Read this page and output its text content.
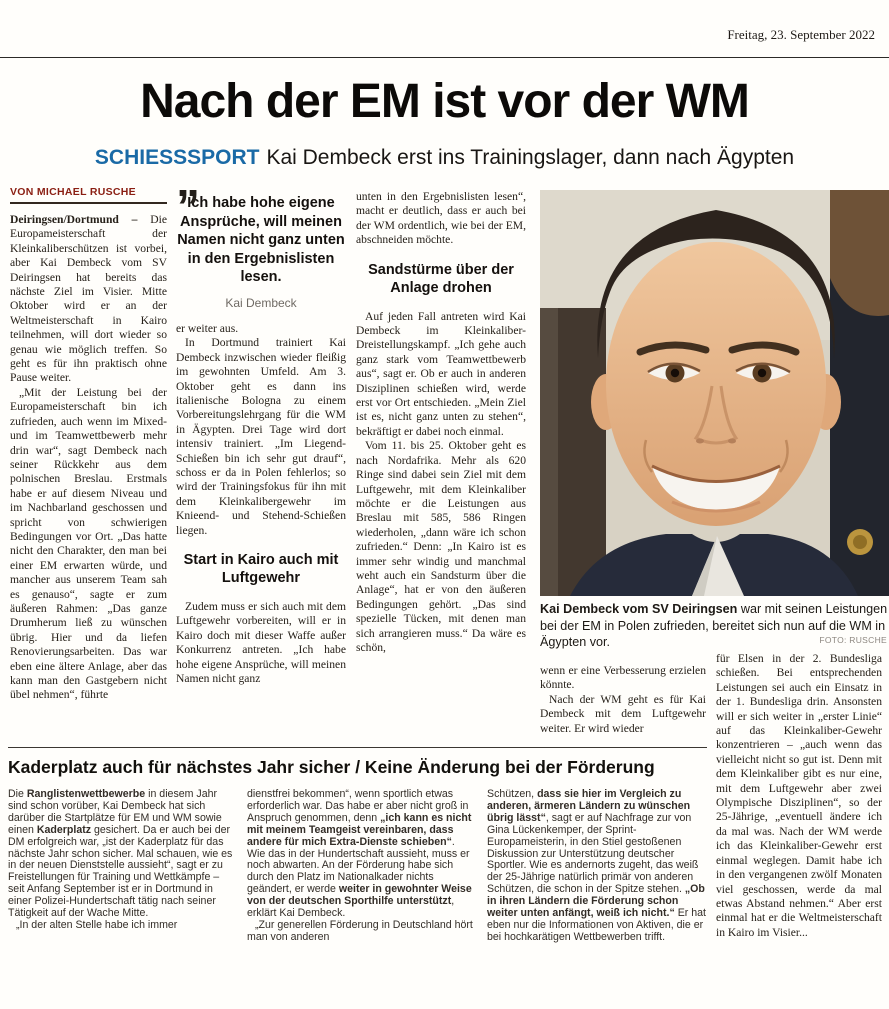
Freitag, 23. September 2022
Nach der EM ist vor der WM
SCHIESSSPORT Kai Dembeck erst ins Trainingslager, dann nach Ägypten
VON MICHAEL RUSCHE

Deiringsen/Dortmund – Die Europameisterschaft der Kleinkaliberschützen ist vorbei, aber Kai Dembeck vom SV Deiringsen hat bereits das nächste Ziel im Visier. Mitte Oktober wird er an der Weltmeisterschaft in Kairo teilnehmen, will dort wieder so genau wie möglich treffen. So geht es für ihn praktisch ohne Pause weiter.

„Mit der Leistung bei der Europameisterschaft bin ich zufrieden, auch wenn im Mixed- und im Teamwettbewerb mehr drin war“, sagt Dembeck nach seiner Rückkehr aus dem polnischen Breslau. Erstmals habe er auf diesem Niveau und im Nachbarland geschossen und spricht von schwierigen Bedingungen vor Ort. „Das hatte nicht den Charakter, den man bei einer EM erwarten würde, und mancher aus unserem Team sah es genauso“, sagte er zum äußeren Rahmen: „Das ganze Drumherum ließ zu wünschen übrig. Hier und da liefen Renovierungsarbeiten. Das war eben eine ältere Anlage, aber das kann man den Gastgebern nicht übel nehmen“, führte

”
Ich habe hohe eigene Ansprüche, will meinen Namen nicht ganz unten in den Ergebnislisten lesen.
Kai Dembeck

er weiter aus.

In Dortmund trainiert Kai Dembeck inzwischen wieder fleißig im gewohnten Umfeld. Am 3. Oktober geht es dann ins italienische Bologna zu einem Vorbereitungslehrgang für die WM in Ägypten. Drei Tage wird dort intensiv trainiert. „Im Liegend-Schießen bin ich sehr gut drauf“, schoss er da in Polen fehlerlos; so wird der Trainingsfokus für ihn mit dem Kleinkalibergewehr im Knieend- und Stehend-Schießen liegen.

Start in Kairo auch mit Luftgewehr

Zudem muss er sich auch mit dem Luftgewehr vorbereiten, will er in Kairo doch mit dieser Waffe außer Konkurrenz antreten. „Ich habe hohe eigene Ansprüche, will meinen Namen nicht ganz

unten in den Ergebnislisten lesen“, macht er deutlich, dass er auch bei der WM ordentlich, wie bei der EM, abschneiden möchte.

Sandstürme über der Anlage drohen

Auf jeden Fall antreten wird Kai Dembeck im Kleinkaliber-Dreistellungskampf. „Ich gehe auch ganz stark vom Teamwettbewerb aus“, sagt er. Ob er auch in anderen Disziplinen schießen wird, werde erst vor Ort entschieden. „Mein Ziel ist es, nicht ganz unten zu stehen“, bekräftigt er dabei noch einmal.

Vom 11. bis 25. Oktober geht es nach Nordafrika. Mehr als 620 Ringe sind dabei sein Ziel mit dem Luftgewehr, mit dem Kleinkaliber möchte er die Leistungen aus Breslau mit 585, 586 Ringen wiederholen, „dann wäre ich schon zufrieden.“ Denn: „In Kairo ist es immer sehr windig und manchmal weht auch ein Sandsturm über die Anlage“, hat er von den äußeren Bedingungen gehört. „Das sind spezielle Tücken, mit denen man sich arrangieren muss.“ Da wäre es schön,

Kai Dembeck vom SV Deiringsen war mit seinen Leistungen bei der EM in Polen zufrieden, bereitet sich nun auf die WM in Ägypten vor.	FOTO: RUSCHE

wenn er eine Verbesserung erzielen könnte.

Nach der WM geht es für Kai Dembeck mit dem Luftgewehr weiter. Er wird wieder

für Elsen in der 2. Bundesliga schießen. Bei entsprechenden Leistungen sei auch ein Einsatz in der 1. Bundesliga drin. Ansonsten will er sich weiter in „erster Linie“ auf das Kleinkaliber-Gewehr konzentrieren – „auch wenn das vielleicht nicht so gut ist. Denn mit dem Kleinkaliber gibt es nur eine, mit dem Luftgewehr aber zwei Olympische Disziplinen“, so der 25-Jährige, „eventuell ändere ich da mal was. Nach der WM werde ich das Kleinkaliber-Gewehr erst einmal weglegen. Damit habe ich in den vergangenen zwölf Monaten viel geschossen, werde da mal etwas Abstand nehmen.“ Aber erst einmal hat er die Weltmeisterschaft in Kairo im Visier...

Kaderplatz auch für nächstes Jahr sicher / Keine Änderung bei der Förderung

Die Ranglistenwettbewerbe in diesem Jahr sind schon vorüber, Kai Dembeck hat sich darüber die Startplätze für EM und WM sowie einen Kaderplatz gesichert. Da er auch bei der DM erfolgreich war, „ist der Kaderplatz für das nächste Jahr schon sicher. Mal schauen, wie es in der neuen Dienststelle aussieht“, sagt er zu Freistellungen für Training und Wettkämpfe – seit Anfang September ist er in Dortmund in einer Polizei-Hundertschaft tätig nach seiner Tätigkeit auf der Wache Mitte.

„In der alten Stelle habe ich immer

dienstfrei bekommen“, wenn sportlich etwas erforderlich war. Das habe er aber nicht groß in Anspruch genommen, denn „ich kann es nicht mit meinem Teamgeist vereinbaren, dass andere für mich Extra-Dienste schieben“. Wie das in der Hundertschaft aussieht, muss er noch abwarten. An der Förderung habe sich durch den Platz im Nationalkader nichts geändert, er werde weiter in gewohnter Weise von der deutschen Sporthilfe unterstützt, erklärt Kai Dembeck.

„Zur generellen Förderung in Deutschland hört man von anderen

Schützen, dass sie hier im Vergleich zu anderen, ärmeren Ländern zu wünschen übrig lässt“, sagt er auf Nachfrage zur von Gina Lückenkemper, der Sprint-Europameisterin, in den Stiel gestoßenen Diskussion zur Unterstützung deutscher Sportler. Wie es andernorts zugeht, das weiß der 25-Jährige natürlich primär von anderen Schützen, die schon in der Spitze stehen. „Ob in ihren Ländern die Förderung schon weiter unten anfängt, weiß ich nicht.“ Er hat eben nur die Informationen von Aktiven, die er bei hochkarätigen Wettbewerben trifft.
